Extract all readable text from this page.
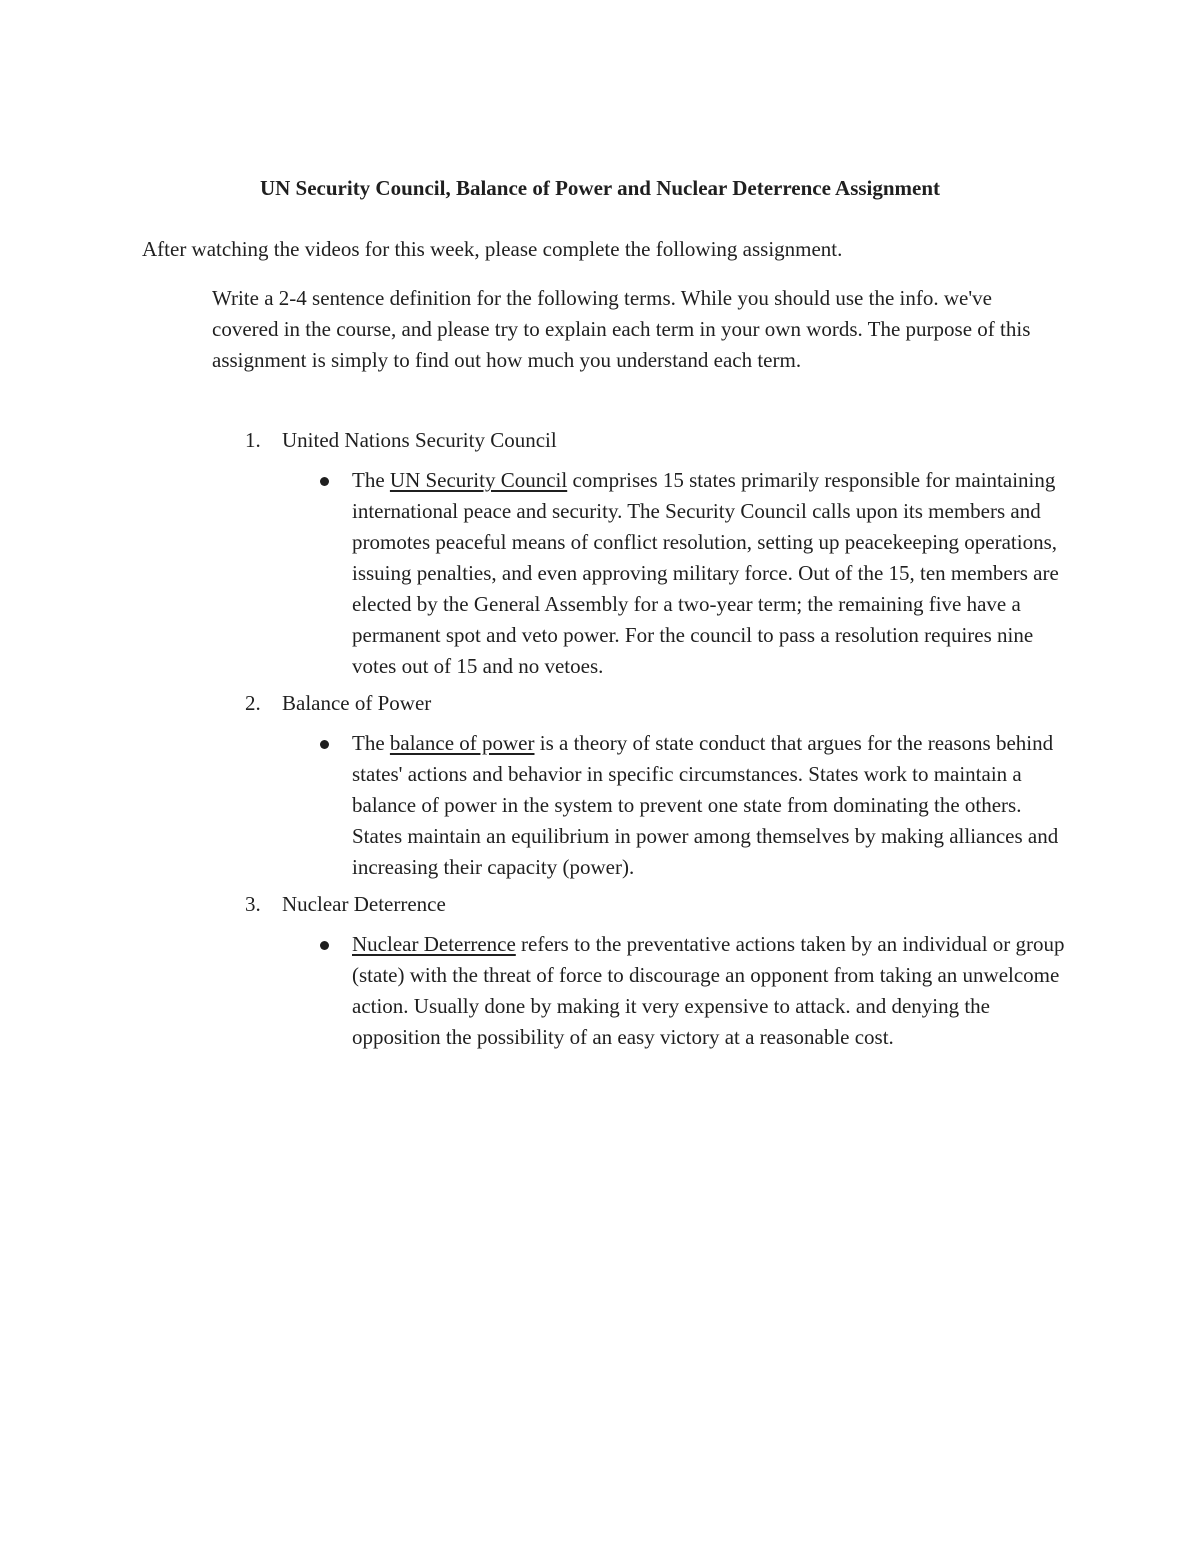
UN Security Council, Balance of Power and Nuclear Deterrence Assignment

After watching the videos for this week, please complete the following assignment.

Write a 2-4 sentence definition for the following terms. While you should use the info. we've covered in the course, and please try to explain each term in your own words. The purpose of this assignment is simply to find out how much you understand each term.

1.	United Nations Security Council
The UN Security Council comprises 15 states primarily responsible for maintaining international peace and security. The Security Council calls upon its members and promotes peaceful means of conflict resolution, setting up peacekeeping operations, issuing penalties, and even approving military force. Out of the 15, ten members are elected by the General Assembly for a two-year term; the remaining five have a permanent spot and veto power. For the council to pass a resolution requires nine votes out of 15 and no vetoes.
2.	Balance of Power
The balance of power is a theory of state conduct that argues for the reasons behind states' actions and behavior in specific circumstances. States work to maintain a balance of power in the system to prevent one state from dominating the others. States maintain an equilibrium in power among themselves by making alliances and increasing their capacity (power).
3.	Nuclear Deterrence
Nuclear Deterrence refers to the preventative actions taken by an individual or group (state) with the threat of force to discourage an opponent from taking an unwelcome action. Usually done by making it very expensive to attack. and denying the opposition the possibility of an easy victory at a reasonable cost.
